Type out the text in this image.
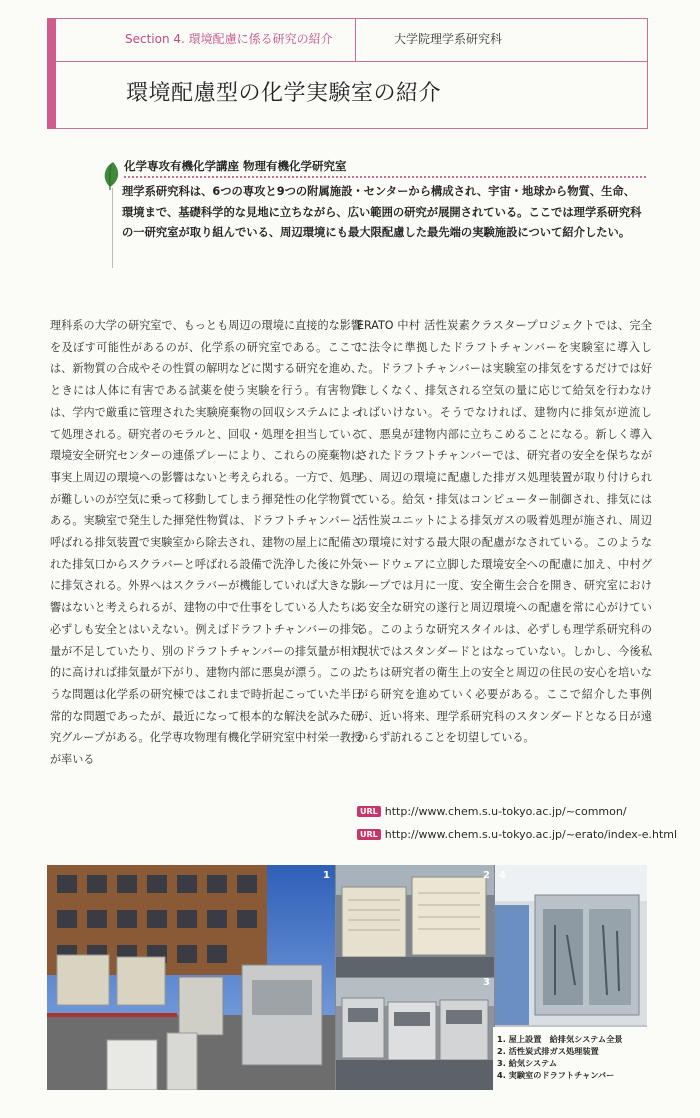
Section 4. 環境配慮に係る研究の紹介	大学院理学系研究科
環境配慮型の化学実験室の紹介
化学専攻有機化学講座 物理有機化学研究室

理学系研究科は、6つの専攻と9つの附属施設・センターから構成され、宇宙・地球から物質、生命、環境まで、基礎科学的な見地に立ちながら、広い範囲の研究が展開されている。ここでは理学系研究科の一研究室が取り組んでいる、周辺環境にも最大限配慮した最先端の実験施設について紹介したい。

理科系の大学の研究室で、もっとも周辺の環境に直接的な影響を及ぼす可能性があるのが、化学系の研究室である。ここでは、新物質の合成やその性質の解明などに関する研究を進め、ときには人体に有害である試薬を使う実験を行う。有害物質は、学内で厳重に管理された実験廃棄物の回収システムによって処理される。研究者のモラルと、回収・処理を担当している環境安全研究センターの連係プレーにより、これらの廃棄物は事実上周辺の環境への影響はないと考えられる。一方で、処理が難しいのが空気に乗って移動してしまう揮発性の化学物質である。実験室で発生した揮発性物質は、ドラフトチャンバーと呼ばれる排気装置で実験室から除去され、建物の屋上に配備された排気口からスクラバーと呼ばれる設備で洗浄した後に外気に排気される。外界へはスクラバーが機能していれば大きな影響はないと考えられるが、建物の中で仕事をしている人たちは必ずしも安全とはいえない。例えばドラフトチャンバーの排気量が不足していたり、別のドラフトチャンバーの排気量が相対的に高ければ排気量が下がり、建物内部に悪臭が漂う。このような問題は化学系の研究棟ではこれまで時折起こっていた半日常的な問題であったが、最近になって根本的な解決を試みた研究グループがある。化学専攻物理有機化学研究室中村栄一教授が率いる

ERATO 中村 活性炭素クラスタープロジェクトでは、完全に法令に準拠したドラフトチャンバーを実験室に導入した。ドラフトチャンバーは実験室の排気をするだけでは好ましくなく、排気される空気の量に応じて給気を行わなければいけない。そうでなければ、建物内に排気が逆流して、悪臭が建物内部に立ちこめることになる。新しく導入されたドラフトチャンバーでは、研究者の安全を保ちながら、周辺の環境に配慮した排ガス処理装置が取り付けられている。給気・排気はコンピューター制御され、排気には活性炭ユニットによる排気ガスの吸着処理が施され、周辺の環境に対する最大限の配慮がなされている。このようなハードウェアに立脚した環境安全への配慮に加え、中村グループでは月に一度、安全衛生会合を開き、研究室における安全な研究の遂行と周辺環境への配慮を常に心がけている。このような研究スタイルは、必ずしも理学系研究科の現状ではスタンダードとはなっていない。しかし、今後私たちは研究者の衛生上の安全と周辺の住民の安心を培いながら研究を進めていく必要がある。ここで紹介した事例が、近い将来、理学系研究科のスタンダードとなる日が遠からず訪れることを切望している。

URL http://www.chem.s.u-tokyo.ac.jp/~common/
URL http://www.chem.s.u-tokyo.ac.jp/~erato/index-e.html
1	2
3
4
1. 屋上設置　給排気システム全景
2. 活性炭式排ガス処理装置
3. 給気システム
4. 実験室のドラフトチャンバー
